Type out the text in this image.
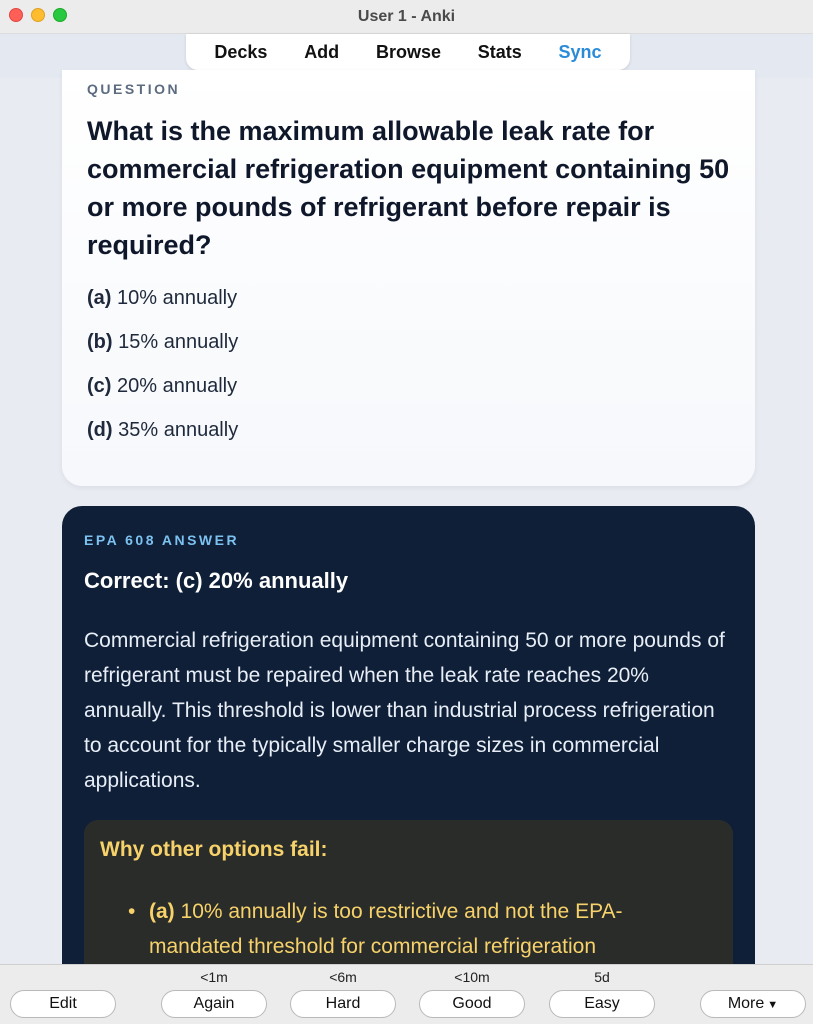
User 1 - Anki
Decks Add Browse Stats Sync
QUESTION
What is the maximum allowable leak rate for commercial refrigeration equipment containing 50 or more pounds of refrigerant before repair is required?
(a) 10% annually
(b) 15% annually
(c) 20% annually
(d) 35% annually
EPA 608 ANSWER
Correct: (c) 20% annually
Commercial refrigeration equipment containing 50 or more pounds of refrigerant must be repaired when the leak rate reaches 20% annually. This threshold is lower than industrial process refrigeration to account for the typically smaller charge sizes in commercial applications.
Why other options fail:
• (a) 10% annually is too restrictive and not the EPA-mandated threshold for commercial refrigeration
Edit
<1m
Again
<6m
Hard
<10m
Good
5d
Easy	More ▼
